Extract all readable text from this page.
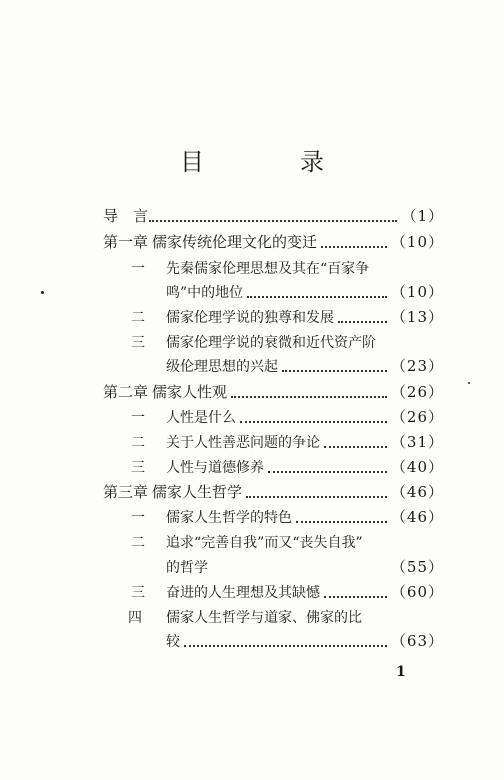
目　录
导　言	（1）
第一章 儒家传统伦理文化的变迁	（10）
一 先秦儒家伦理思想及其在“百家争
鸣”中的地位	（10）
二 儒家伦理学说的独尊和发展	（13）
三 儒家伦理学说的衰微和近代资产阶
级伦理思想的兴起	（23）
第二章 儒家人性观	（26）
一 人性是什么	（26）
二 关于人性善恶问题的争论	（31）
三 人性与道德修养	（40）
第三章 儒家人生哲学	（46）
一 儒家人生哲学的特色	（46）
二 追求“完善自我”而又“丧失自我”
的哲学	（55）
三 奋进的人生理想及其缺憾	（60）
四 儒家人生哲学与道家、佛家的比
较	（63）
1
